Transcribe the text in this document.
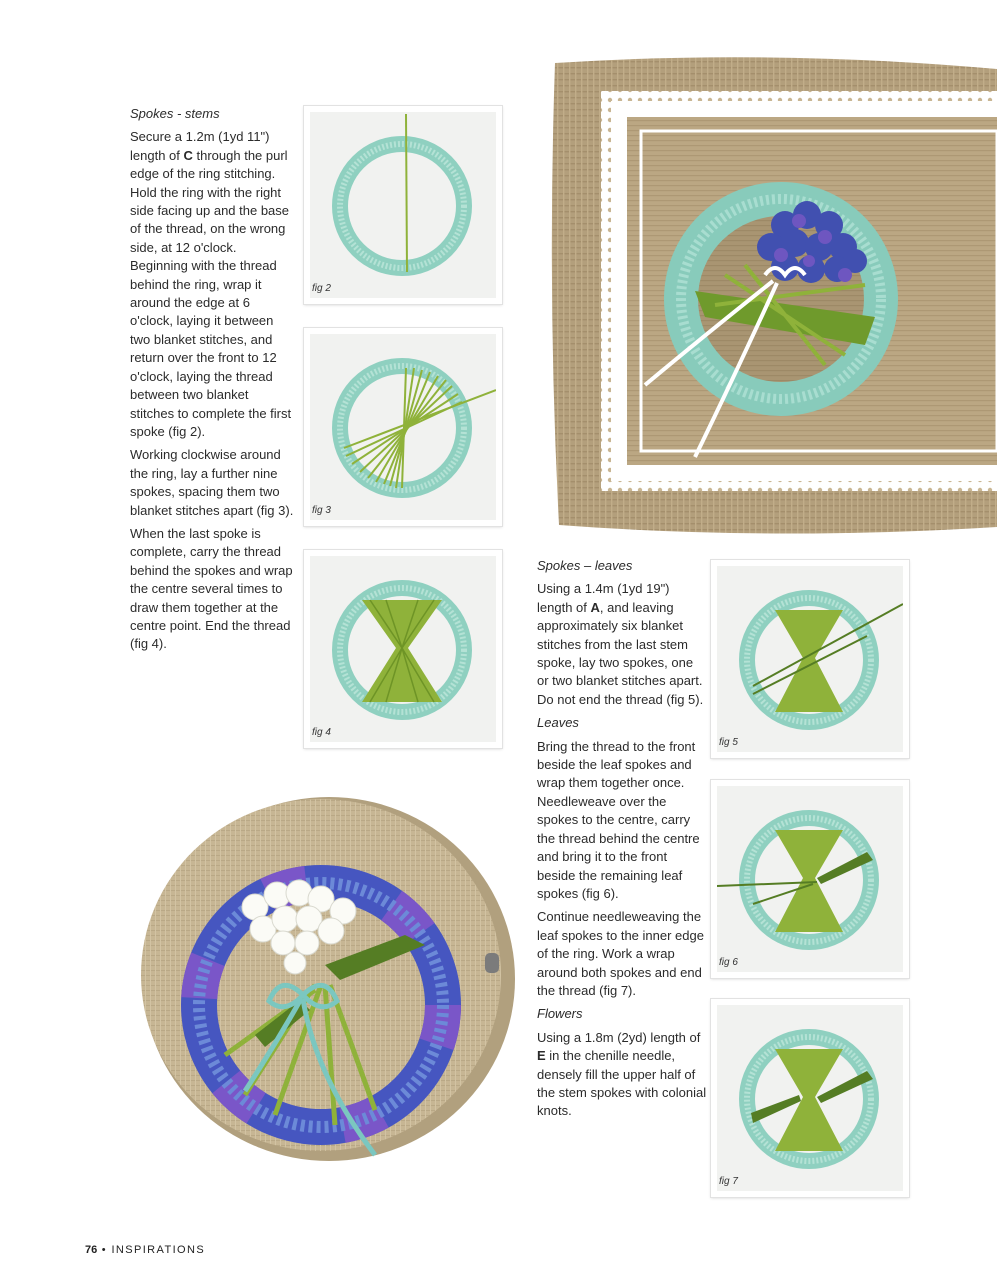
Spokes - stems

Secure a 1.2m (1yd 11") length of C through the purl edge of the ring stitching. Hold the ring with the right side facing up and the base of the thread, on the wrong side, at 12 o'clock. Beginning with the thread behind the ring, wrap it around the edge at 6 o'clock, laying it between two blanket stitches, and return over the front to 12 o'clock, laying the thread between two blanket stitches to complete the first spoke (fig 2).

Working clockwise around the ring, lay a further nine spokes, spacing them two blanket stitches apart (fig 3).

When the last spoke is complete, carry the thread behind the spokes and wrap the centre several times to draw them together at the centre point. End the thread (fig 4).

Spokes – leaves

Using a 1.4m (1yd 19") length of A, and leaving approximately six blanket stitches from the last stem spoke, lay two spokes, one or two blanket stitches apart. Do not end the thread (fig 5).

Leaves

Bring the thread to the front beside the leaf spokes and wrap them together once. Needleweave over the spokes to the centre, carry the thread behind the centre and bring it to the front beside the remaining leaf spokes (fig 6).

Continue needleweaving the leaf spokes to the inner edge of the ring. Work a wrap around both spokes and end the thread (fig 7).

Flowers

Using a 1.8m (2yd) length of E in the chenille needle, densely fill the upper half of the stem spokes with colonial knots.

fig 2
fig 3
fig 4
fig 5
fig 6
fig 7
76 • INSPIRATIONS
